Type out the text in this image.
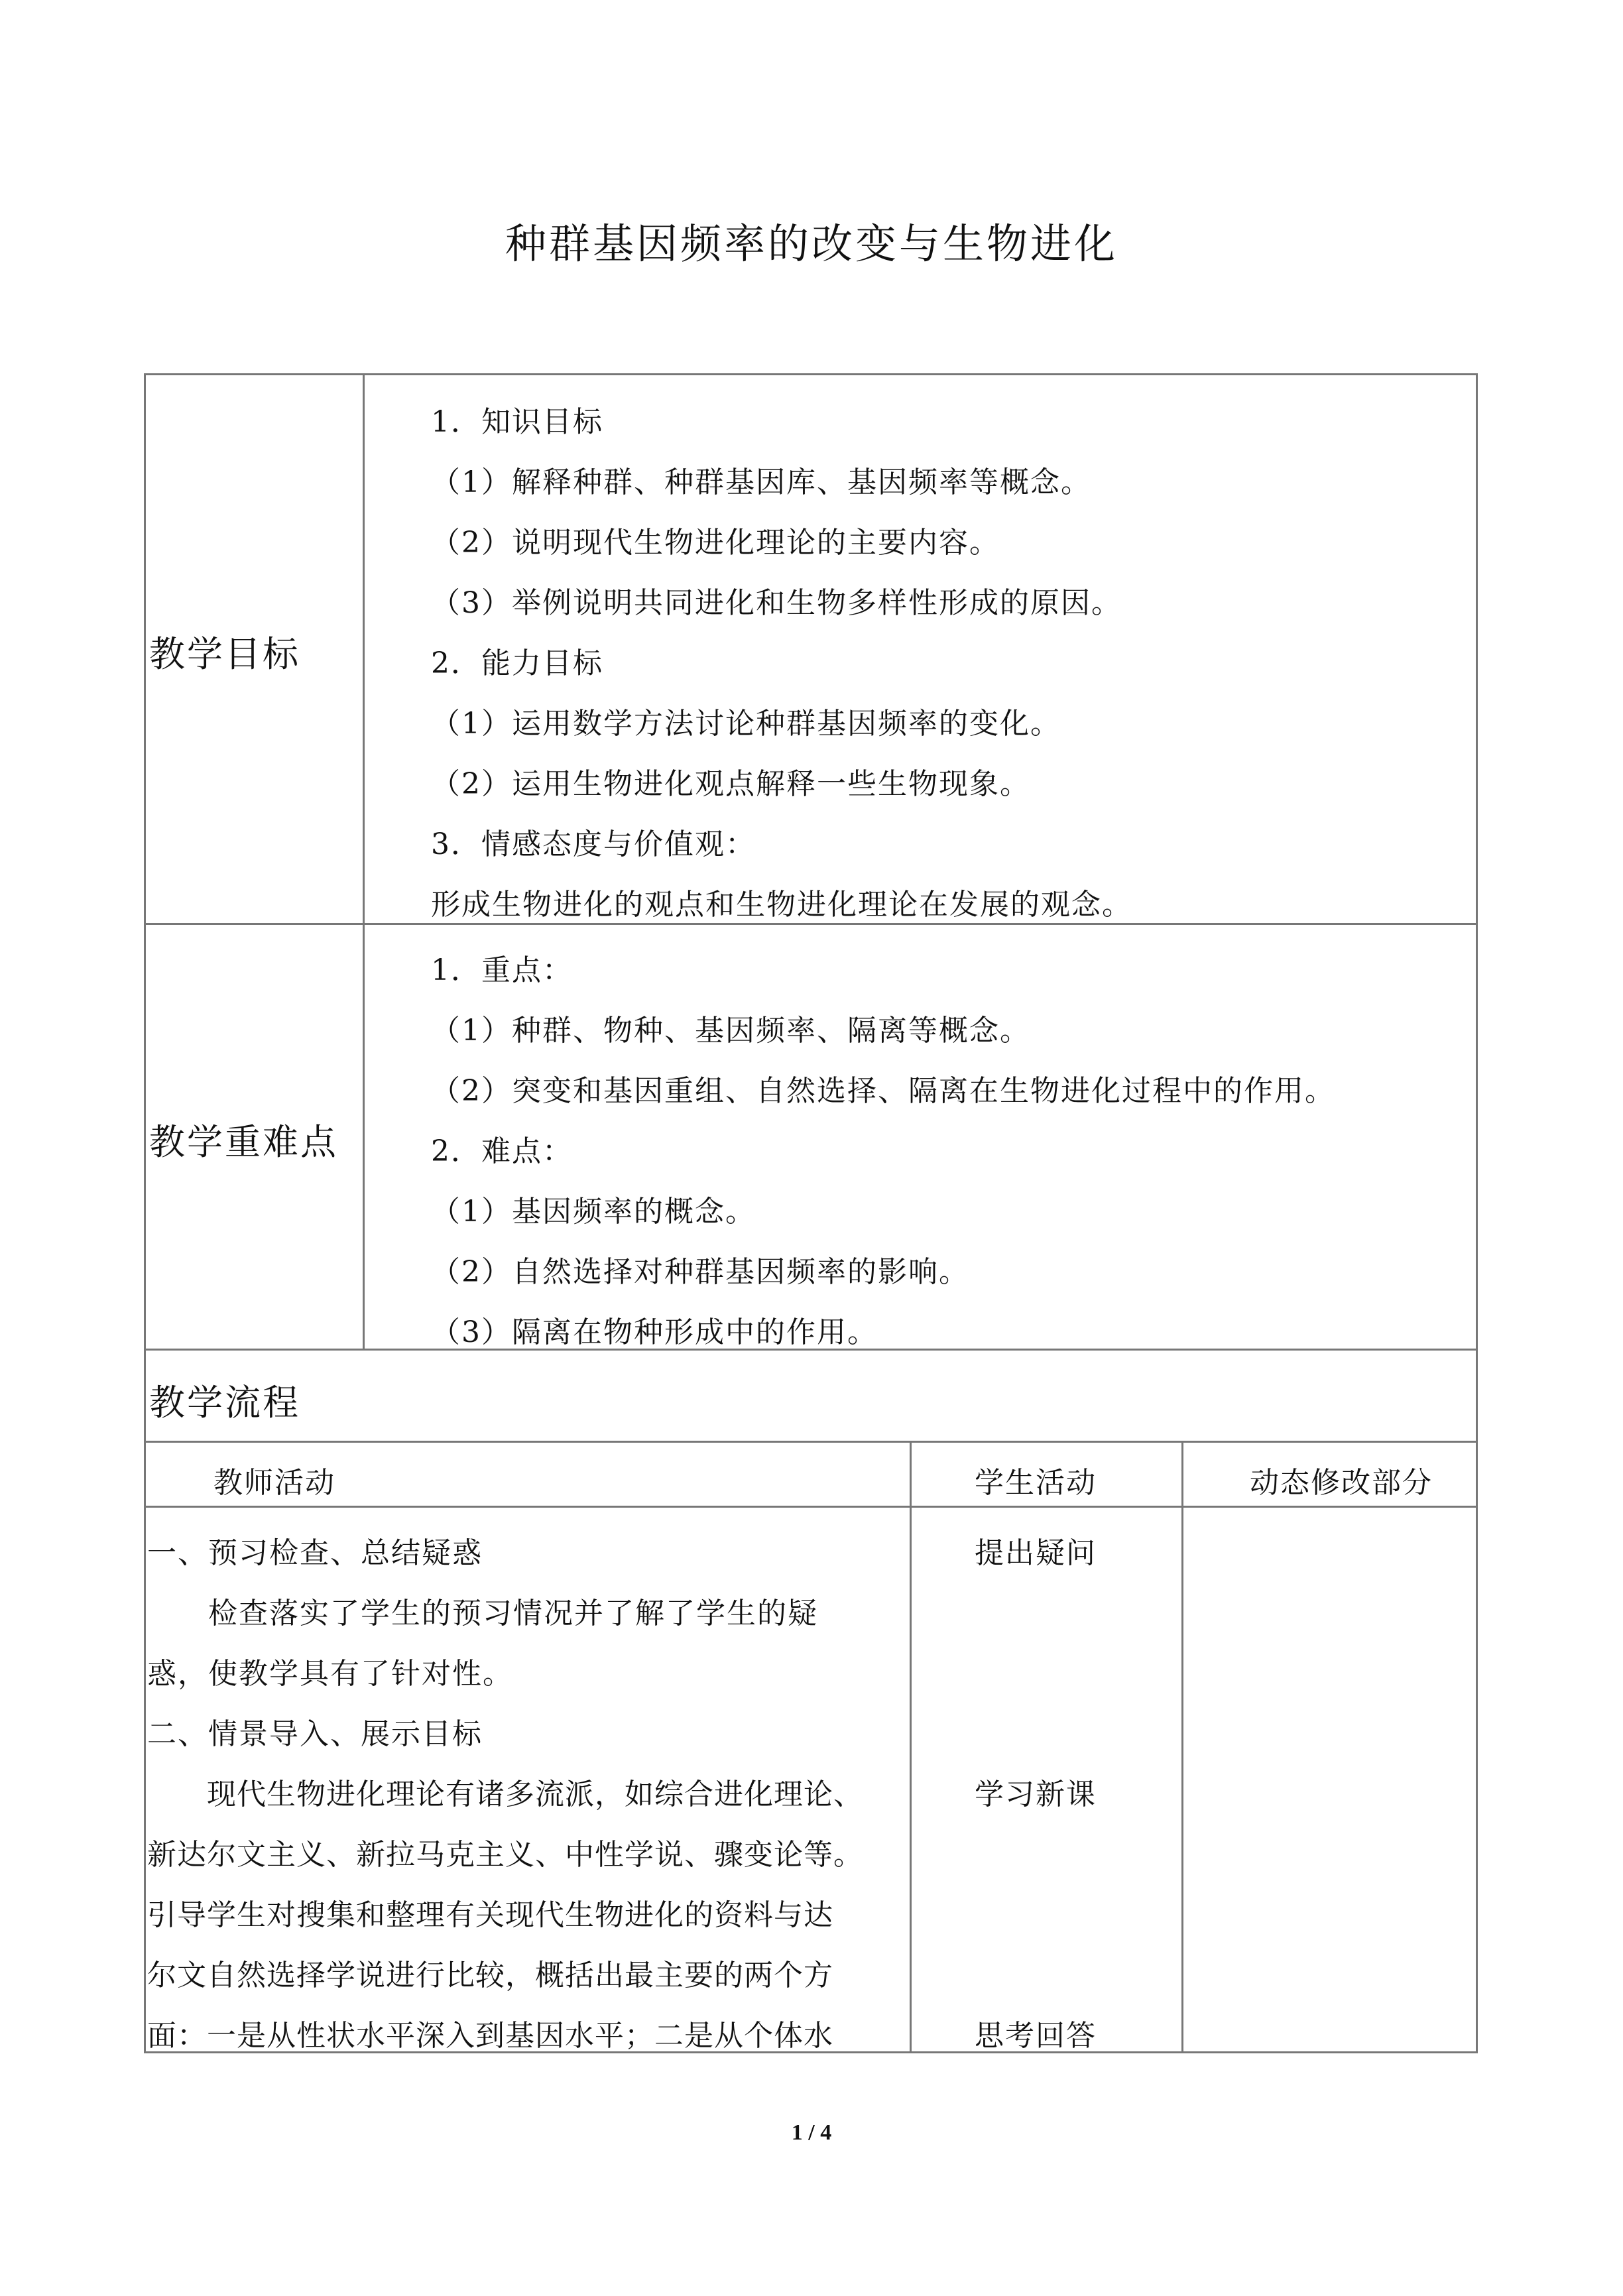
种群基因频率的改变与生物进化
教学目标
1．知识目标
（1）解释种群、种群基因库、基因频率等概念。
（2）说明现代生物进化理论的主要内容。
（3）举例说明共同进化和生物多样性形成的原因。
2．能力目标
（1）运用数学方法讨论种群基因频率的变化。
（2）运用生物进化观点解释一些生物现象。
3．情感态度与价值观：
形成生物进化的观点和生物进化理论在发展的观念。
教学重难点
1．重点：
（1）种群、物种、基因频率、隔离等概念。
（2）突变和基因重组、自然选择、隔离在生物进化过程中的作用。
2．难点：
（1）基因频率的概念。
（2）自然选择对种群基因频率的影响。
（3）隔离在物种形成中的作用。
教学流程
教师活动	学生活动	动态修改部分
一、预习检查、总结疑惑
　　检查落实了学生的预习情况并了解了学生的疑
惑，使教学具有了针对性。
二、情景导入、展示目标
　　现代生物进化理论有诸多流派，如综合进化理论、
新达尔文主义、新拉马克主义、中性学说、骤变论等。
引导学生对搜集和整理有关现代生物进化的资料与达
尔文自然选择学说进行比较，概括出最主要的两个方
面：一是从性状水平深入到基因水平；二是从个体水
提出疑问
学习新课
思考回答
1 / 4
